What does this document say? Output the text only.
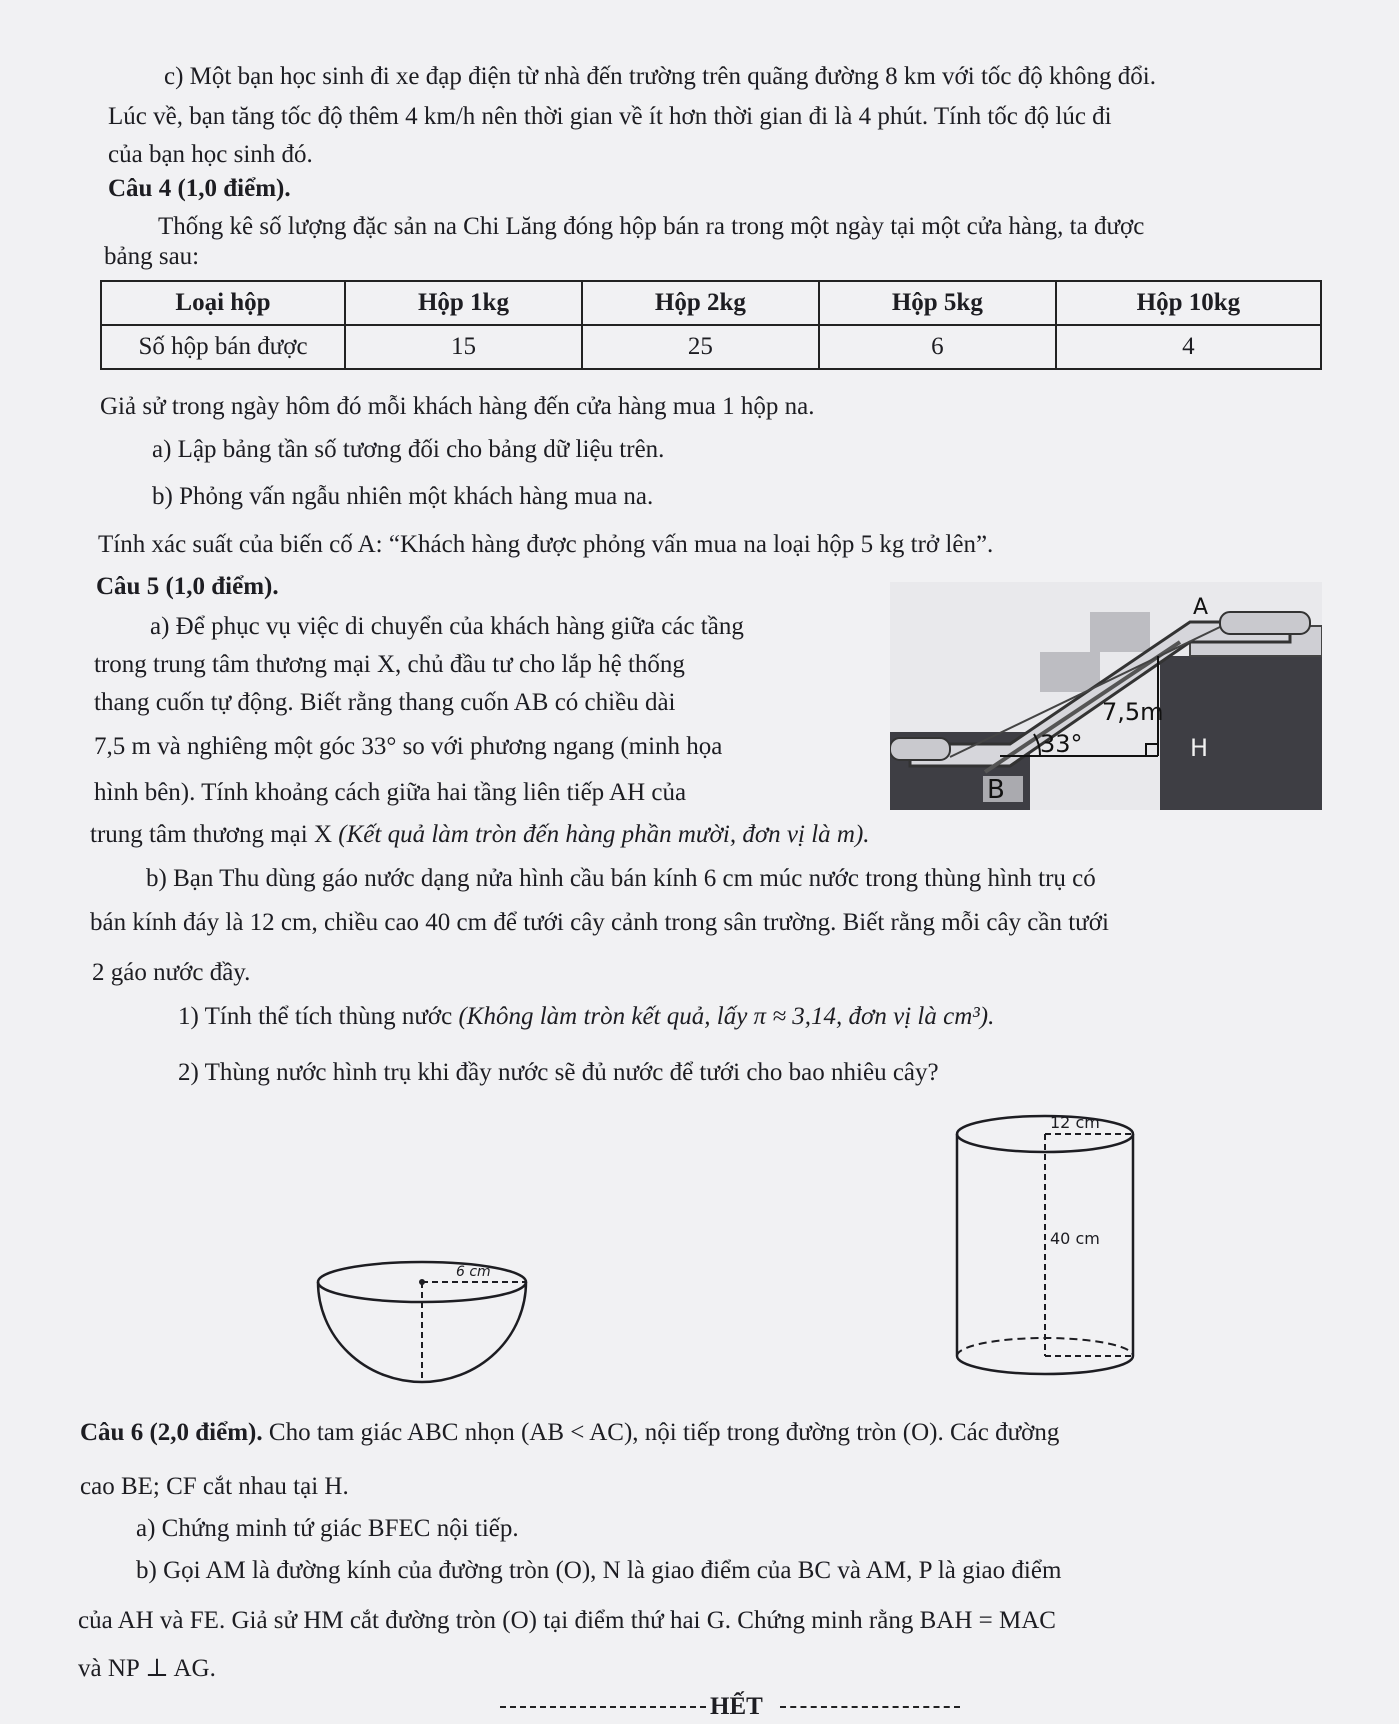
c) Một bạn học sinh đi xe đạp điện từ nhà đến trường trên quãng đường 8 km với tốc độ không đổi.
Lúc về, bạn tăng tốc độ thêm 4 km/h nên thời gian về ít hơn thời gian đi là 4 phút. Tính tốc độ lúc đi
của bạn học sinh đó.
Câu 4 (1,0 điểm).
Thống kê số lượng đặc sản na Chi Lăng đóng hộp bán ra trong một ngày tại một cửa hàng, ta được
bảng sau:
Loại hộp	Hộp 1kg	Hộp 2kg	Hộp 5kg	Hộp 10kg
Số hộp bán được	15	25	6	4
Giả sử trong ngày hôm đó mỗi khách hàng đến cửa hàng mua 1 hộp na.
a) Lập bảng tần số tương đối cho bảng dữ liệu trên.
b) Phỏng vấn ngẫu nhiên một khách hàng mua na.
Tính xác suất của biến cố A: “Khách hàng được phỏng vấn mua na loại hộp 5 kg trở lên”.
Câu 5 (1,0 điểm).
a) Để phục vụ việc di chuyển của khách hàng giữa các tầng
trong trung tâm thương mại X, chủ đầu tư cho lắp hệ thống
thang cuốn tự động. Biết rằng thang cuốn AB có chiều dài
7,5 m và nghiêng một góc 33° so với phương ngang (minh họa
hình bên). Tính khoảng cách giữa hai tầng liên tiếp AH của
trung tâm thương mại X (Kết quả làm tròn đến hàng phần mười, đơn vị là m).
B
A
H
7,5m
33°
b) Bạn Thu dùng gáo nước dạng nửa hình cầu bán kính 6 cm múc nước trong thùng hình trụ có
bán kính đáy là 12 cm, chiều cao 40 cm để tưới cây cảnh trong sân trường. Biết rằng mỗi cây cần tưới
2 gáo nước đầy.
1) Tính thể tích thùng nước (Không làm tròn kết quả, lấy π ≈ 3,14, đơn vị là cm³).
2) Thùng nước hình trụ khi đầy nước sẽ đủ nước để tưới cho bao nhiêu cây?
6 cm
12 cm
40 cm
Câu 6 (2,0 điểm). Cho tam giác ABC nhọn (AB < AC), nội tiếp trong đường tròn (O). Các đường
cao BE; CF cắt nhau tại H.
a) Chứng minh tứ giác BFEC nội tiếp.
b) Gọi AM là đường kính của đường tròn (O), N là giao điểm của BC và AM, P là giao điểm
của AH và FE. Giả sử HM cắt đường tròn (O) tại điểm thứ hai G. Chứng minh rằng BAH = MAC
và NP ⊥ AG.
HẾT
